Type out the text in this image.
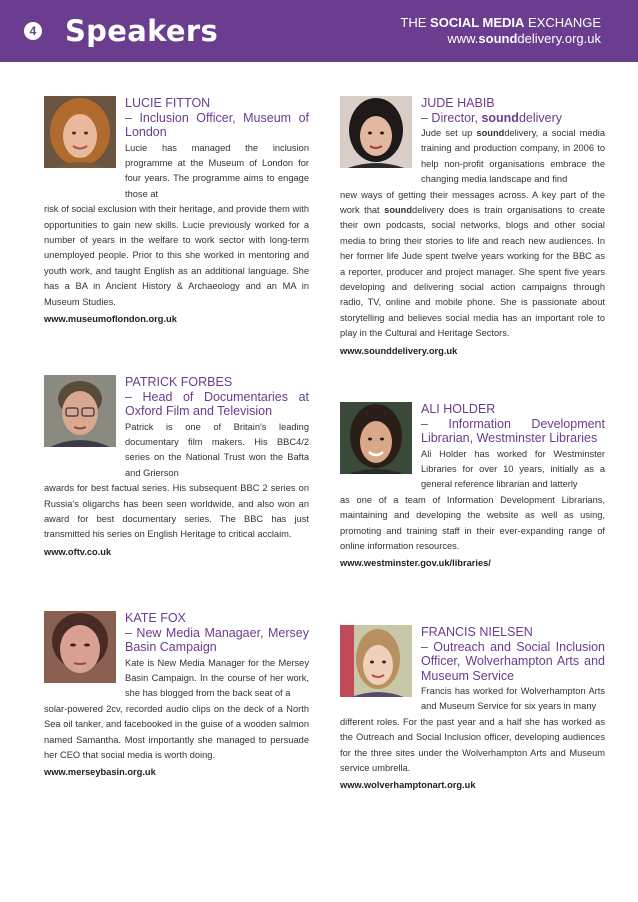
4 Speakers	THE SOCIAL MEDIA EXCHANGE
www.sounddelivery.org.uk
LUCIE FITTON
– Inclusion Officer, Museum of London
Lucie has managed the inclusion programme at the Museum of London for four years. The programme aims to engage those at
risk of social exclusion with their heritage, and provide them with opportunities to gain new skills. Lucie previously worked for a number of years in the welfare to work sector with long-term unemployed people. Prior to this she worked in mentoring and youth work, and taught English as an additional language. She has a BA in Ancient History & Archaeology and an MA in Museum Studies.
www.museumoflondon.org.uk
JUDE HABIB
– Director, sounddelivery
Jude set up sounddelivery, a social media training and production company, in 2006 to help non-profit organisations embrace the changing media landscape and find
new ways of getting their messages across. A key part of the work that sounddelivery does is train organisations to create their own podcasts, social networks, blogs and other social media to bring their stories to life and reach new audiences. In her former life Jude spent twelve years working for the BBC as a reporter, producer and project manager. She spent five years developing and delivering social action campaigns through radio, TV, online and mobile phone. She is passionate about storytelling and believes social media has an important role to play in the Cultural and Heritage Sectors.
www.sounddelivery.org.uk
PATRICK FORBES
– Head of Documentaries at Oxford Film and Television
Patrick is one of Britain's leading documentary film makers. His BBC4/2 series on the National Trust won the Bafta and Grierson
awards for best factual series. His subsequent BBC 2 series on Russia's oligarchs has been seen worldwide, and also won an award for best documentary series. The BBC has just transmitted his series on English Heritage to critical acclaim.
www.oftv.co.uk
ALI HOLDER
– Information Development Librarian, Westminster Libraries
Ali Holder has worked for Westminster Libraries for over 10 years, initially as a general reference librarian and latterly
as one of a team of Information Development Librarians, maintaining and developing the website as well as using, promoting and training staff in their ever-expanding range of online information resources.
www.westminster.gov.uk/libraries/
KATE FOX
– New Media Managaer, Mersey Basin Campaign
Kate is New Media Manager for the Mersey Basin Campaign. In the course of her work, she has blogged from the back seat of a
solar-powered 2cv, recorded audio clips on the deck of a North Sea oil tanker, and facebooked in the guise of a wooden salmon named Samantha. Most importantly she managed to persuade her CEO that social media is worth doing.
www.merseybasin.org.uk
FRANCIS NIELSEN
– Outreach and Social Inclusion Officer, Wolverhampton Arts and Museum Service
Francis has worked for Wolverhampton Arts and Museum Service for six years in many
different roles. For the past year and a half she has worked as the Outreach and Social Inclusion officer, developing audiences for the three sites under the Wolverhampton Arts and Museum service umbrella.
www.wolverhamptonart.org.uk
